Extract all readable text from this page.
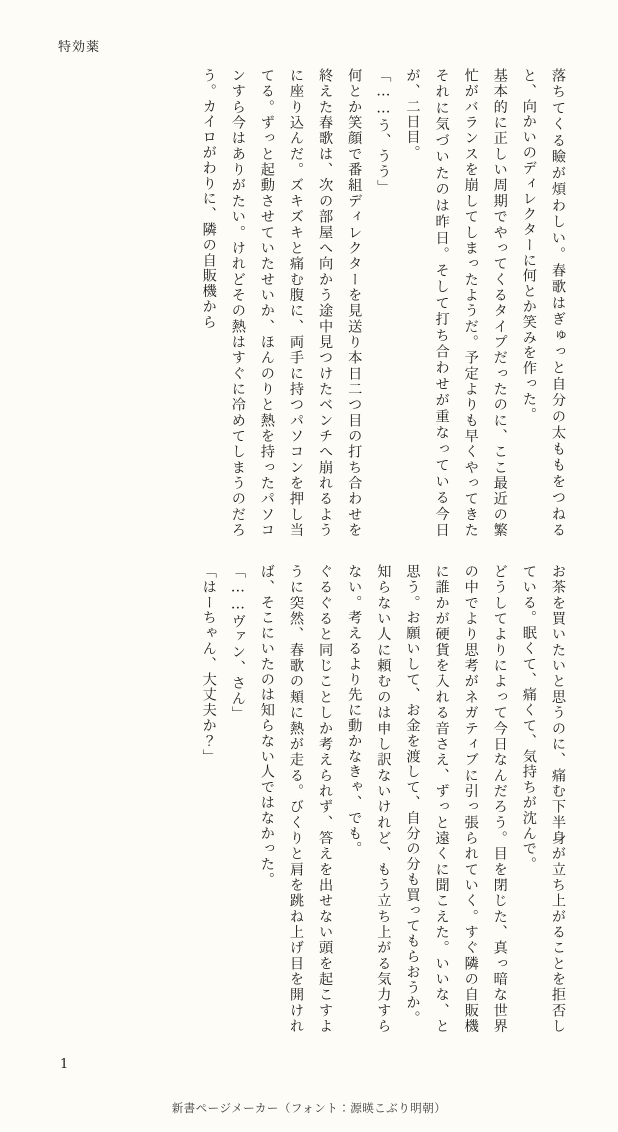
特効薬

落ちてくる瞼が煩わしい。春歌はぎゅっと自分の太ももをつねると、向かいのディレクターに何とか笑みを作った。

基本的に正しい周期でやってくるタイプだったのに、ここ最近の繁忙がバランスを崩してしまったようだ。予定よりも早くやってきたそれに気づいたのは昨日。そして打ち合わせが重なっている今日が、二日目。

「……う、うう」

何とか笑顔で番組ディレクターを見送り本日二つ目の打ち合わせを終えた春歌は、次の部屋へ向かう途中見つけたベンチへ崩れるように座り込んだ。ズキズキと痛む腹に、両手に持つパソコンを押し当てる。ずっと起動させていたせいか、ほんのりと熱を持ったパソコンすら今はありがたい。けれどその熱はすぐに冷めてしまうのだろう。カイロがわりに、隣の自販機から

お茶を買いたいと思うのに、痛む下半身が立ち上がることを拒否している。眠くて、痛くて、気持ちが沈んで。

どうしてよりによって今日なんだろう。目を閉じた、真っ暗な世界の中でより思考がネガティブに引っ張られていく。すぐ隣の自販機に誰かが硬貨を入れる音さえ、ずっと遠くに聞こえた。いいな、と思う。お願いして、お金を渡して、自分の分も買ってもらおうか。

知らない人に頼むのは申し訳ないけれど、もう立ち上がる気力すらない。考えるより先に動かなきゃ、でも。

ぐるぐると同じことしか考えられず、答えを出せない頭を起こすように突然、春歌の頬に熱が走る。びくりと肩を跳ね上げ目を開ければ、そこにいたのは知らない人ではなかった。

「……ヴァン、さん」

「はーちゃん、大丈夫か？」

1
新書ページメーカー（フォント：源暎こぶり明朝）
